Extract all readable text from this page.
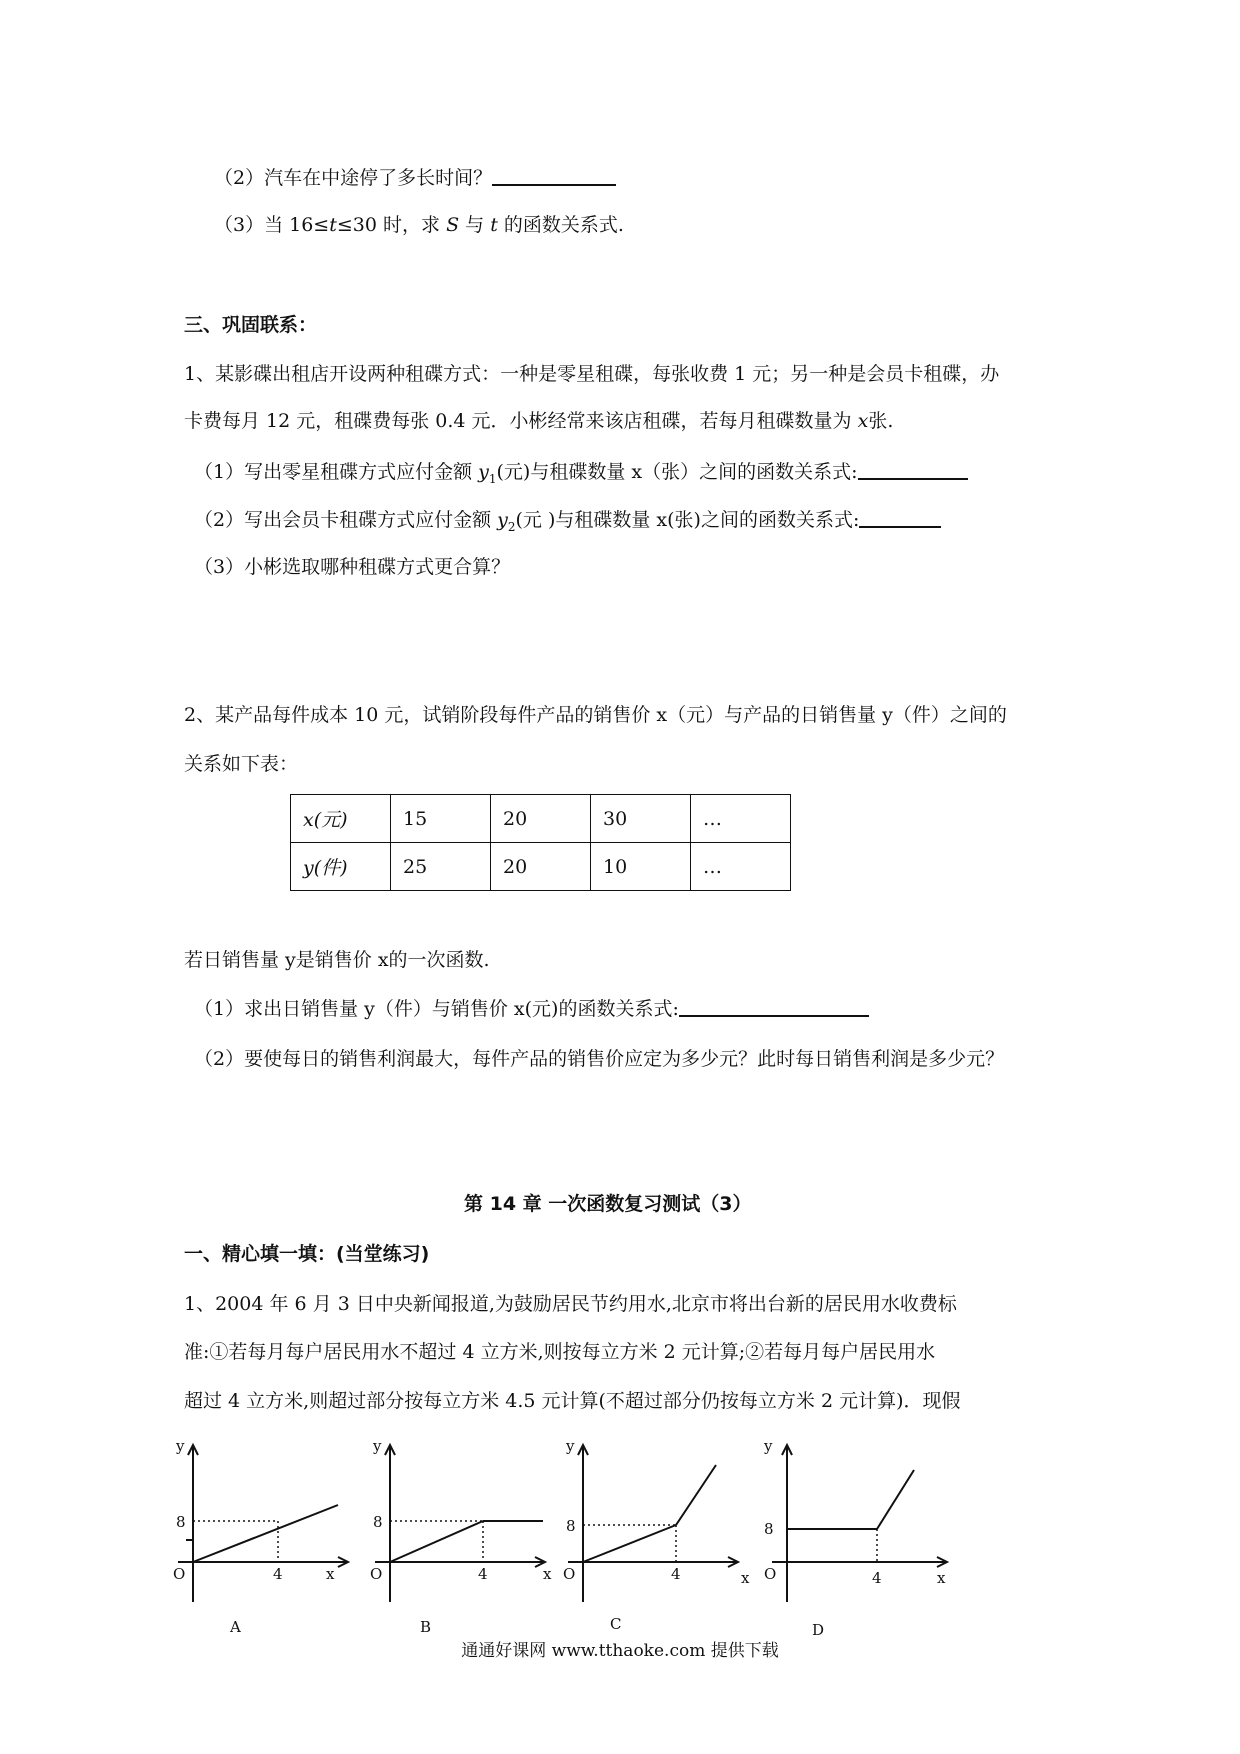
（2）汽车在中途停了多长时间？
（3）当 16≤t≤30 时，求 S 与 t 的函数关系式.
三、巩固联系：
1、某影碟出租店开设两种租碟方式：一种是零星租碟，每张收费 1 元；另一种是会员卡租碟，办
卡费每月 12 元，租碟费每张 0.4 元．小彬经常来该店租碟，若每月租碟数量为 x张.
（1）写出零星租碟方式应付金额 $y_1$(元)与租碟数量 x（张）之间的函数关系式:
（2）写出会员卡租碟方式应付金额 $y_2$(元 )与租碟数量 x(张)之间的函数关系式:
（3）小彬选取哪种租碟方式更合算？
2、某产品每件成本 10 元，试销阶段每件产品的销售价 x（元）与产品的日销售量 y（件）之间的
关系如下表：
x(元)	15	20	30	…
y(件)	25	20	10	…
若日销售量 y是销售价 x的一次函数.
（1）求出日销售量 y（件）与销售价 x(元)的函数关系式:
（2）要使每日的销售利润最大，每件产品的销售价应定为多少元？此时每日销售利润是多少元？
第 14 章 一次函数复习测试（3）
一、精心填一填：(当堂练习)
1、2004 年 6 月 3 日中央新闻报道,为鼓励居民节约用水,北京市将出台新的居民用水收费标
准:①若每月每户居民用水不超过 4 立方米,则按每立方米 2 元计算;②若每月每户居民用水
超过 4 立方米,则超过部分按每立方米 4.5 元计算(不超过部分仍按每立方米 2 元计算)．现假
y
8
O	4	x
A
y
8
O	4	x
B
y
8
O	4	x
C
y
8
O	4	x
D
通通好课网 www.tthaoke.com 提供下载
